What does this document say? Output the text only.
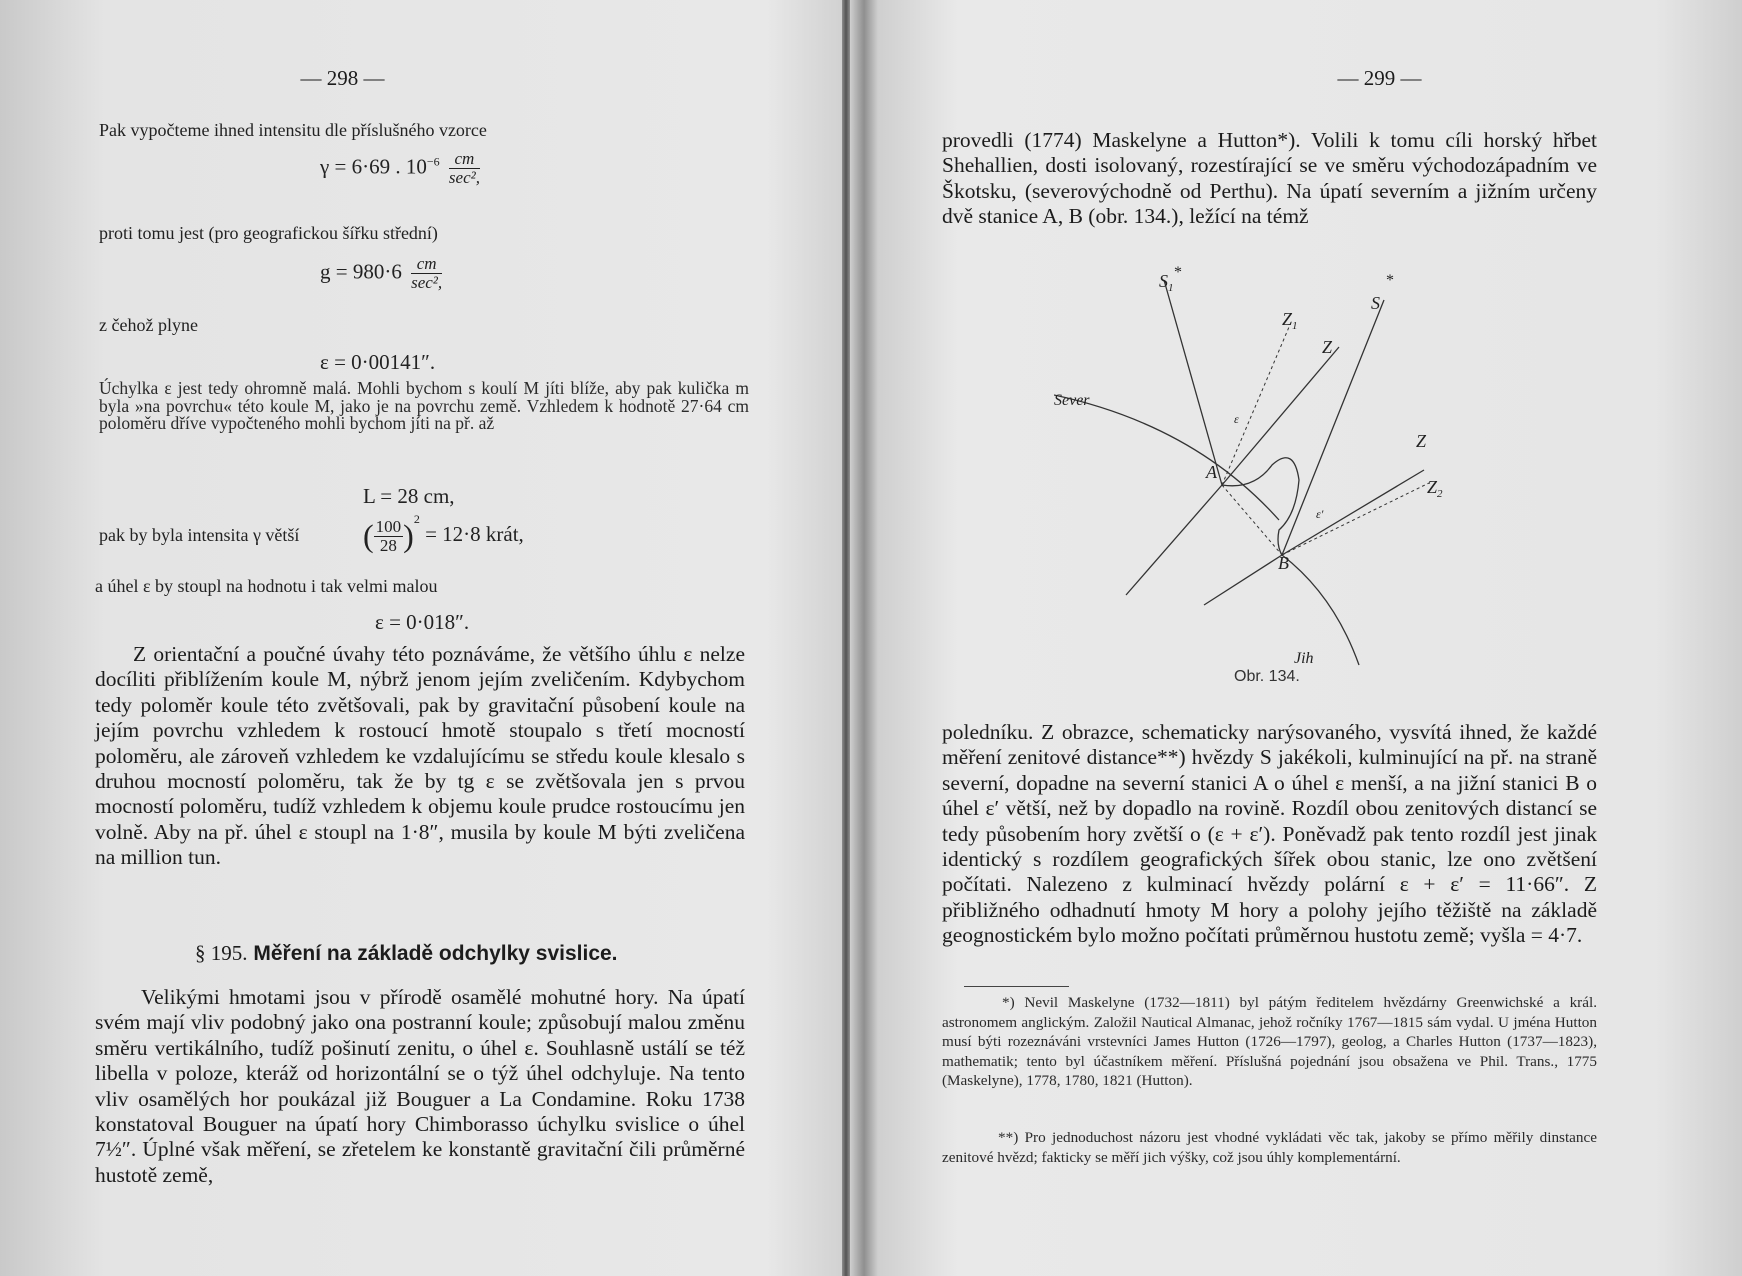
— 298 —
Pak vypočteme ihned intensitu dle příslušného vzorce
γ = 6·69 . $10^{-6} \frac{cm}{\text{sec²,}}$
proti tomu jest (pro geografickou šířku střední)
$g = 980\cdot 6 \frac{cm}{\text{sec²,}}$
z čehož plyne
ε = 0·00141″.
Úchylka ε jest tedy ohromně malá. Mohli bychom s koulí M jíti blíže, aby pak kulička m byla »na povrchu« této koule M, jako je na povrchu země. Vzhledem k hodnotě 27·64 cm poloměru dříve vypočteného mohli bychom jíti na př. až
L = 28 cm,
pak by byla intensita γ větší ( $\frac{100}{28} )^2 = 12\cdot 8$ krát,
a úhel ε by stoupl na hodnotu i tak velmi malou
ε = 0·018″.
Z orientační a poučné úvahy této poznáváme, že většího úhlu ε nelze docíliti přiblížením koule M, nýbrž jenom jejím zveličením. Kdybychom tedy poloměr koule této zvětšovali, pak by gravitační působení koule na jejím povrchu vzhledem k rostoucí hmotě stoupalo s třetí mocností poloměru, ale zároveň vzhledem ke vzdalujícímu se středu koule klesalo s druhou mocností poloměru, tak že by tg ε se zvětšovala jen s prvou mocností poloměru, tudíž vzhledem k objemu koule prudce rostoucímu jen volně. Aby na př. úhel ε stoupl na 1·8″, musila by koule M býti zveličena na million tun.
§ 195. Měření na základě odchylky svislice.
Velikými hmotami jsou v přírodě osamělé mohutné hory. Na úpatí svém mají vliv podobný jako ona postranní koule; způsobují malou změnu směru vertikálního, tudíž pošinutí zenitu, o úhel ε. Souhlasně ustálí se též libella v poloze, kteráž od horizontální se o týž úhel odchyluje. Na tento vliv osamělých hor poukázal již Bouguer a La Condamine. Roku 1738 konstatoval Bouguer na úpatí hory Chimborasso úchylku svislice o úhel 7½″. Úplné však měření, se zřetelem ke konstantě gravitační čili průměrné hustotě země,
— 299 —
provedli (1774) Maskelyne a Hutton*). Volili k tomu cíli horský hřbet Shehallien, dosti isolovaný, rozestírající se ve směru východozápadním ve Škotsku, (severovýchodně od Perthu). Na úpatí severním a jižním určeny dvě stanice A, B (obr. 134.), ležící na témž
$S_1$
*
S
*
$Z_1$
Z
Z
$Z_2$
A
B
Sever
Jih
ε
ε′
Obr. 134.
poledníku. Z obrazce, schematicky narýsovaného, vysvítá ihned, že každé měření zenitové distance**) hvězdy S jakékoli, kulminující na př. na straně severní, dopadne na severní stanici A o úhel ε menší, a na jižní stanici B o úhel ε′ větší, než by dopadlo na rovině. Rozdíl obou zenitových distancí se tedy působením hory zvětší o (ε + ε′). Poněvadž pak tento rozdíl jest jinak identický s rozdílem geografických šířek obou stanic, lze ono zvětšení počítati. Nalezeno z kulminací hvězdy polární ε + ε′ = 11·66″. Z přibližného odhadnutí hmoty M hory a polohy jejího těžiště na základě geognostickém bylo možno počítati průměrnou hustotu země; vyšla = 4·7.
*) Nevil Maskelyne (1732—1811) byl pátým ředitelem hvězdárny Greenwichské a král. astronomem anglickým. Založil Nautical Almanac, jehož ročníky 1767—1815 sám vydal. U jména Hutton musí býti rozeznáváni vrstevníci James Hutton (1726—1797), geolog, a Charles Hutton (1737—1823), mathematik; tento byl účastníkem měření. Příslušná pojednání jsou obsažena ve Phil. Trans., 1775 (Maskelyne), 1778, 1780, 1821 (Hutton).
**) Pro jednoduchost názoru jest vhodné vykládati věc tak, jakoby se přímo měřily dinstance zenitové hvězd; fakticky se měří jich výšky, což jsou úhly komplementární.
